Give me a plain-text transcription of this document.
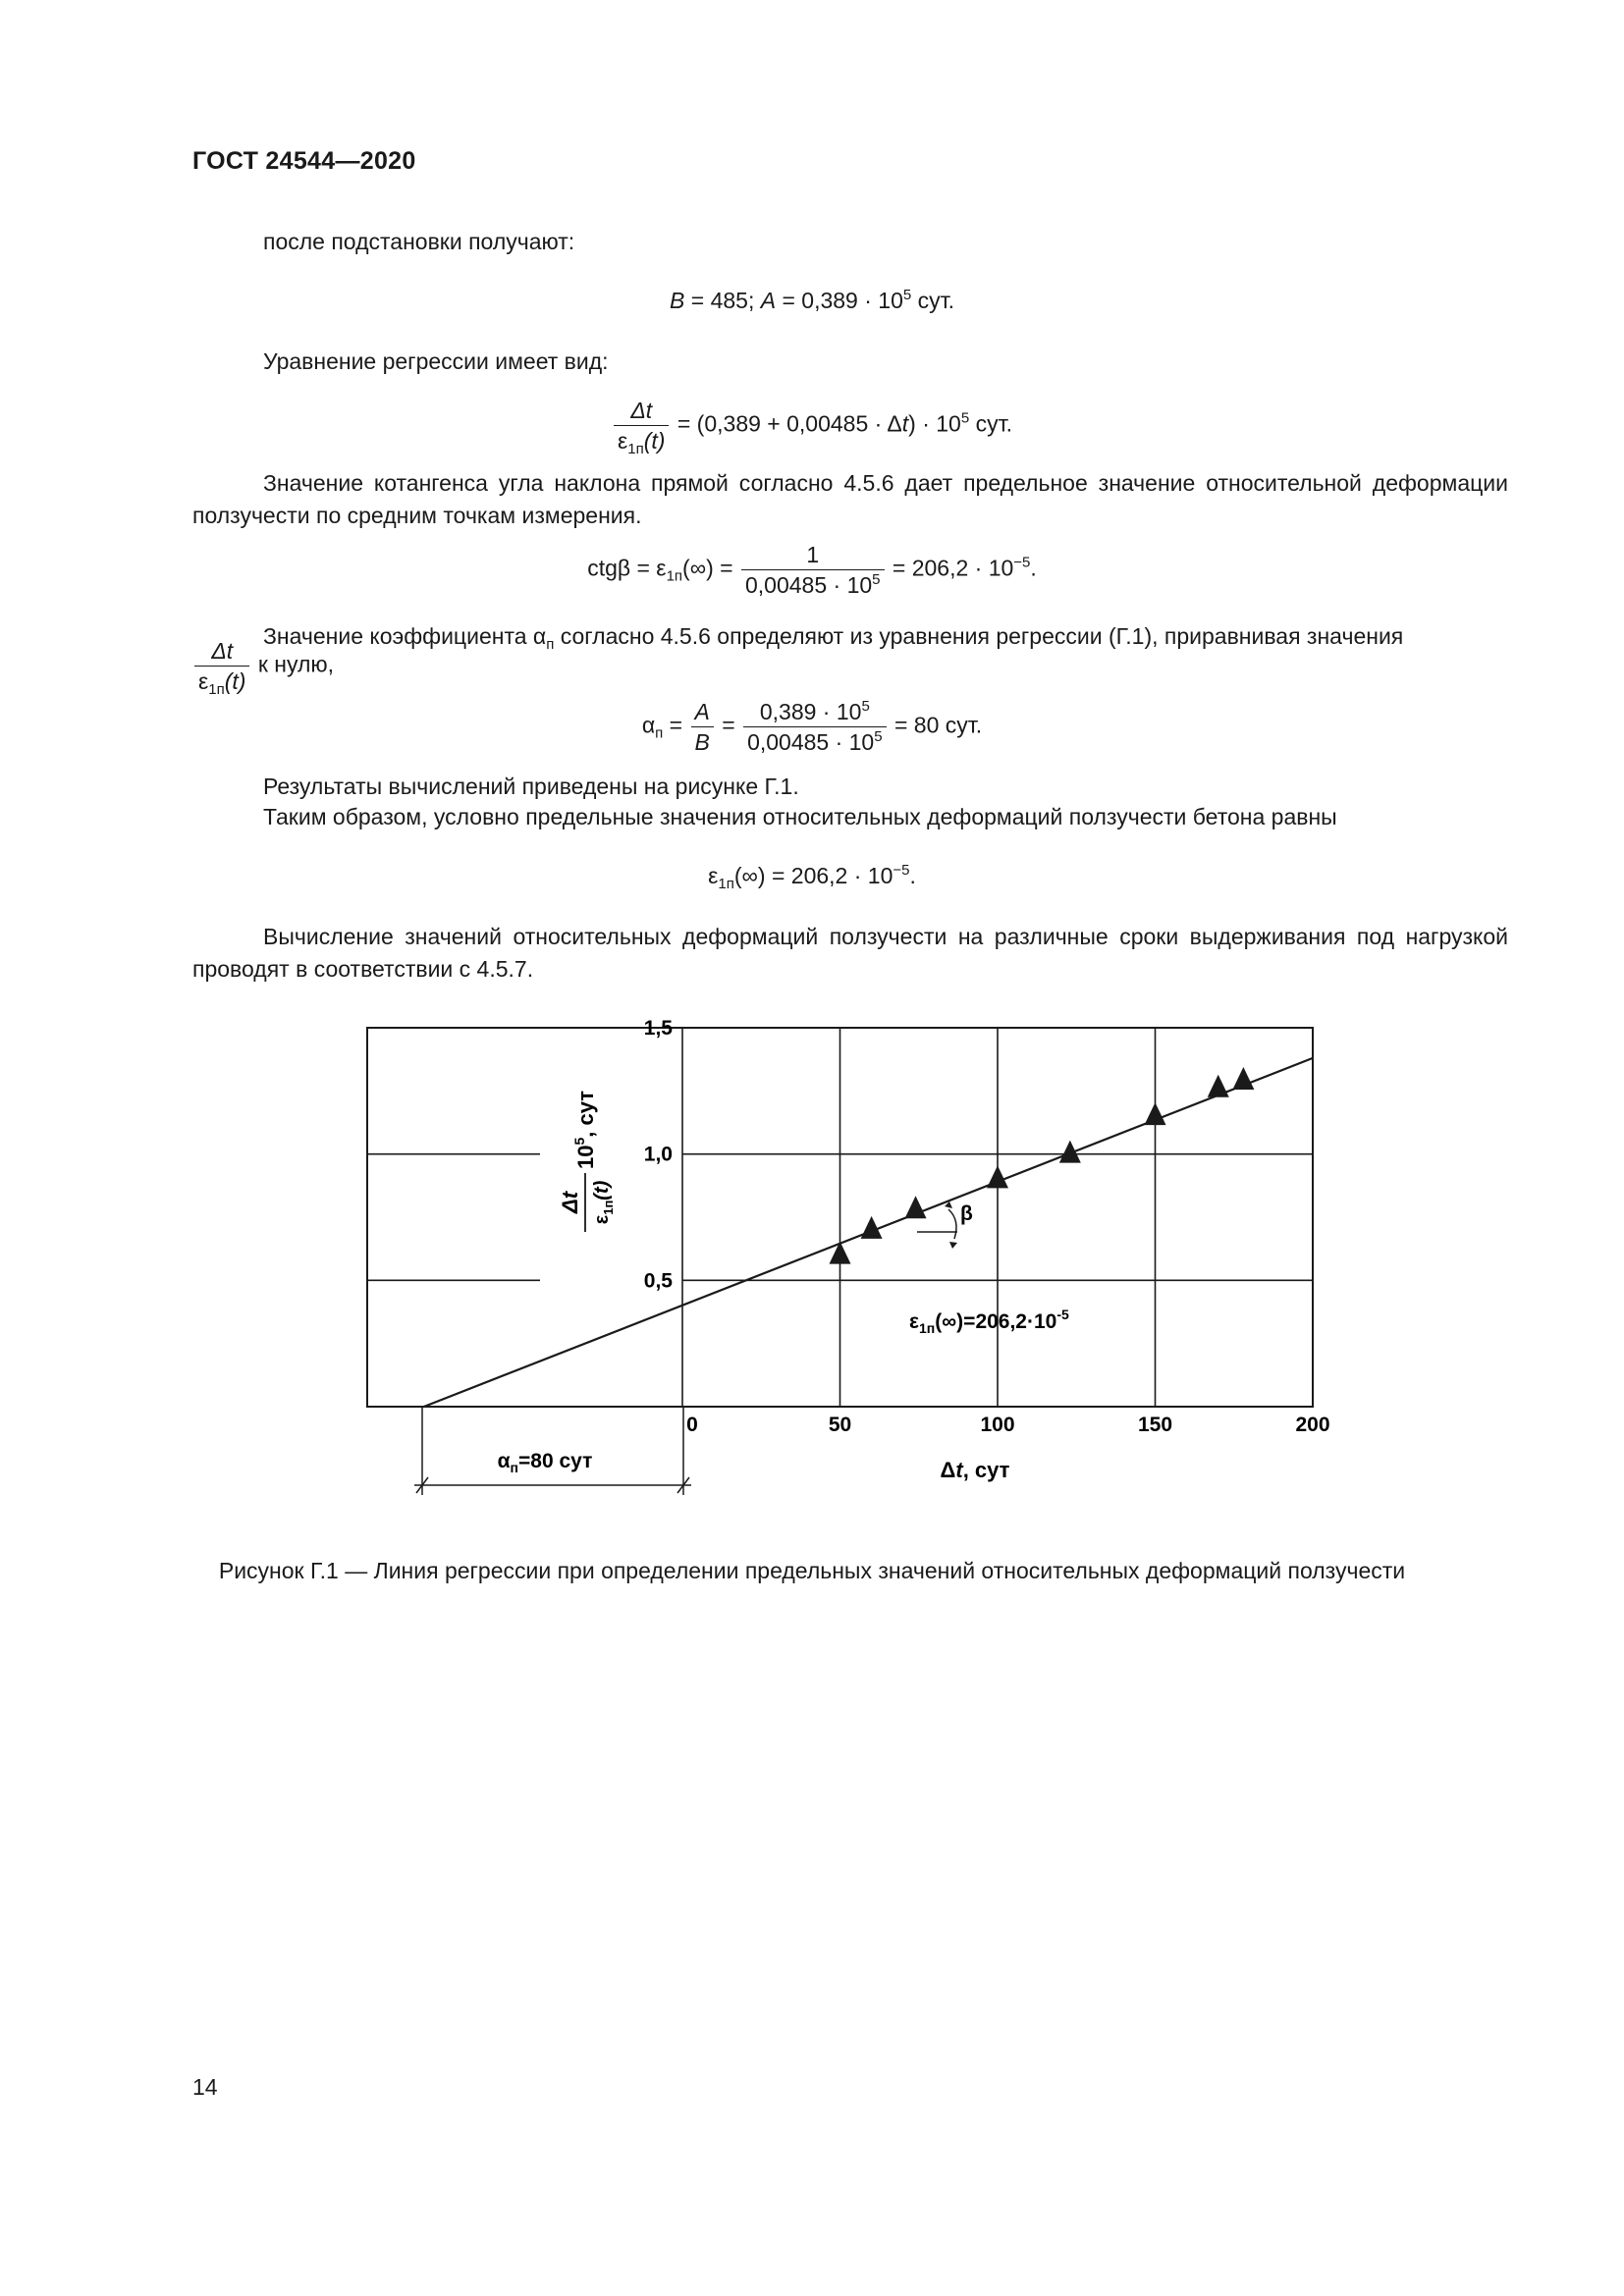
ГОСТ 24544—2020
после подстановки получают:
B = 485; $A = 0,389 \cdot 10^5$ сут.
Уравнение регрессии имеет вид:
$\frac{\Delta t}{\varepsilon_{1п}(t)} = (0,389 + 0,00485 \cdot \Delta t) \cdot 10^5$ сут.
Значение котангенса угла наклона прямой согласно 4.5.6 дает предельное значение относительной деформации ползучести по средним точкам измерения.
$ctg\beta = \varepsilon_{1п}(\infty) = \frac{1}{0,00485 \cdot 10^5} = 206,2 \cdot 10^{-5}$.
Значение коэффициента $\alpha_п$ согласно 4.5.6 определяют из уравнения регрессии (Г.1), приравнивая значения
$\frac{\Delta t}{\varepsilon_{1п}(t)}$ к нулю,
$\alpha_п = \frac{A}{B} = \frac{0,389 \cdot 10^5}{0,00485 \cdot 10^5} = 80$ сут.
Результаты вычислений приведены на рисунке Г.1.
Таким образом, условно предельные значения относительных деформаций ползучести бетона равны
$\varepsilon_{1п}(\infty) = 206,2 \cdot 10^{-5}$.
Вычисление значений относительных деформаций ползучести на различные сроки выдерживания под нагрузкой проводят в соответствии с 4.5.7.
0,5
1,0
1,5
0	50	100	150	200
Δt
$\varepsilon_{1п}(t)$
$10^5$, сут
Δt, сут
β
$\varepsilon_{1п}(\infty)=206,2\cdot 10^{-5}$
$\alpha_п=80$ сут
Рисунок Г.1 — Линия регрессии при определении предельных значений относительных деформаций ползучести
14
